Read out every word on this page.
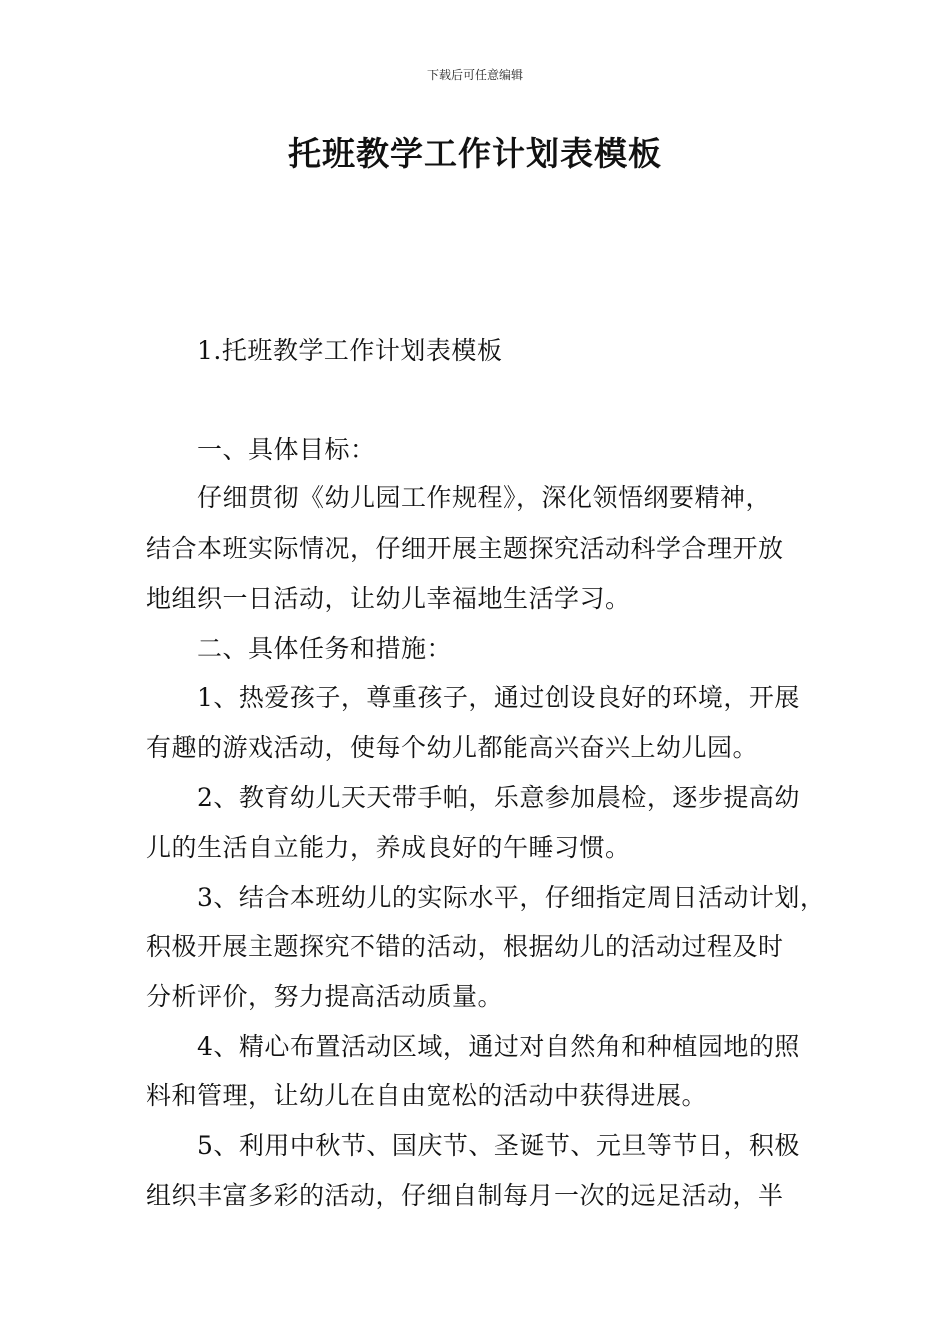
下载后可任意编辑
托班教学工作计划表模板
1.托班教学工作计划表模板
一、具体目标：
仔细贯彻《幼儿园工作规程》，深化领悟纲要精神，
结合本班实际情况，仔细开展主题探究活动科学合理开放
地组织一日活动，让幼儿幸福地生活学习。
二、具体任务和措施：
1、热爱孩子，尊重孩子，通过创设良好的环境，开展
有趣的游戏活动，使每个幼儿都能高兴奋兴上幼儿园。
2、教育幼儿天天带手帕，乐意参加晨检，逐步提高幼
儿的生活自立能力，养成良好的午睡习惯。
3、结合本班幼儿的实际水平，仔细指定周日活动计划，
积极开展主题探究不错的活动，根据幼儿的活动过程及时
分析评价，努力提高活动质量。
4、精心布置活动区域，通过对自然角和种植园地的照
料和管理，让幼儿在自由宽松的活动中获得进展。
5、利用中秋节、国庆节、圣诞节、元旦等节日，积极
组织丰富多彩的活动，仔细自制每月一次的远足活动，半
